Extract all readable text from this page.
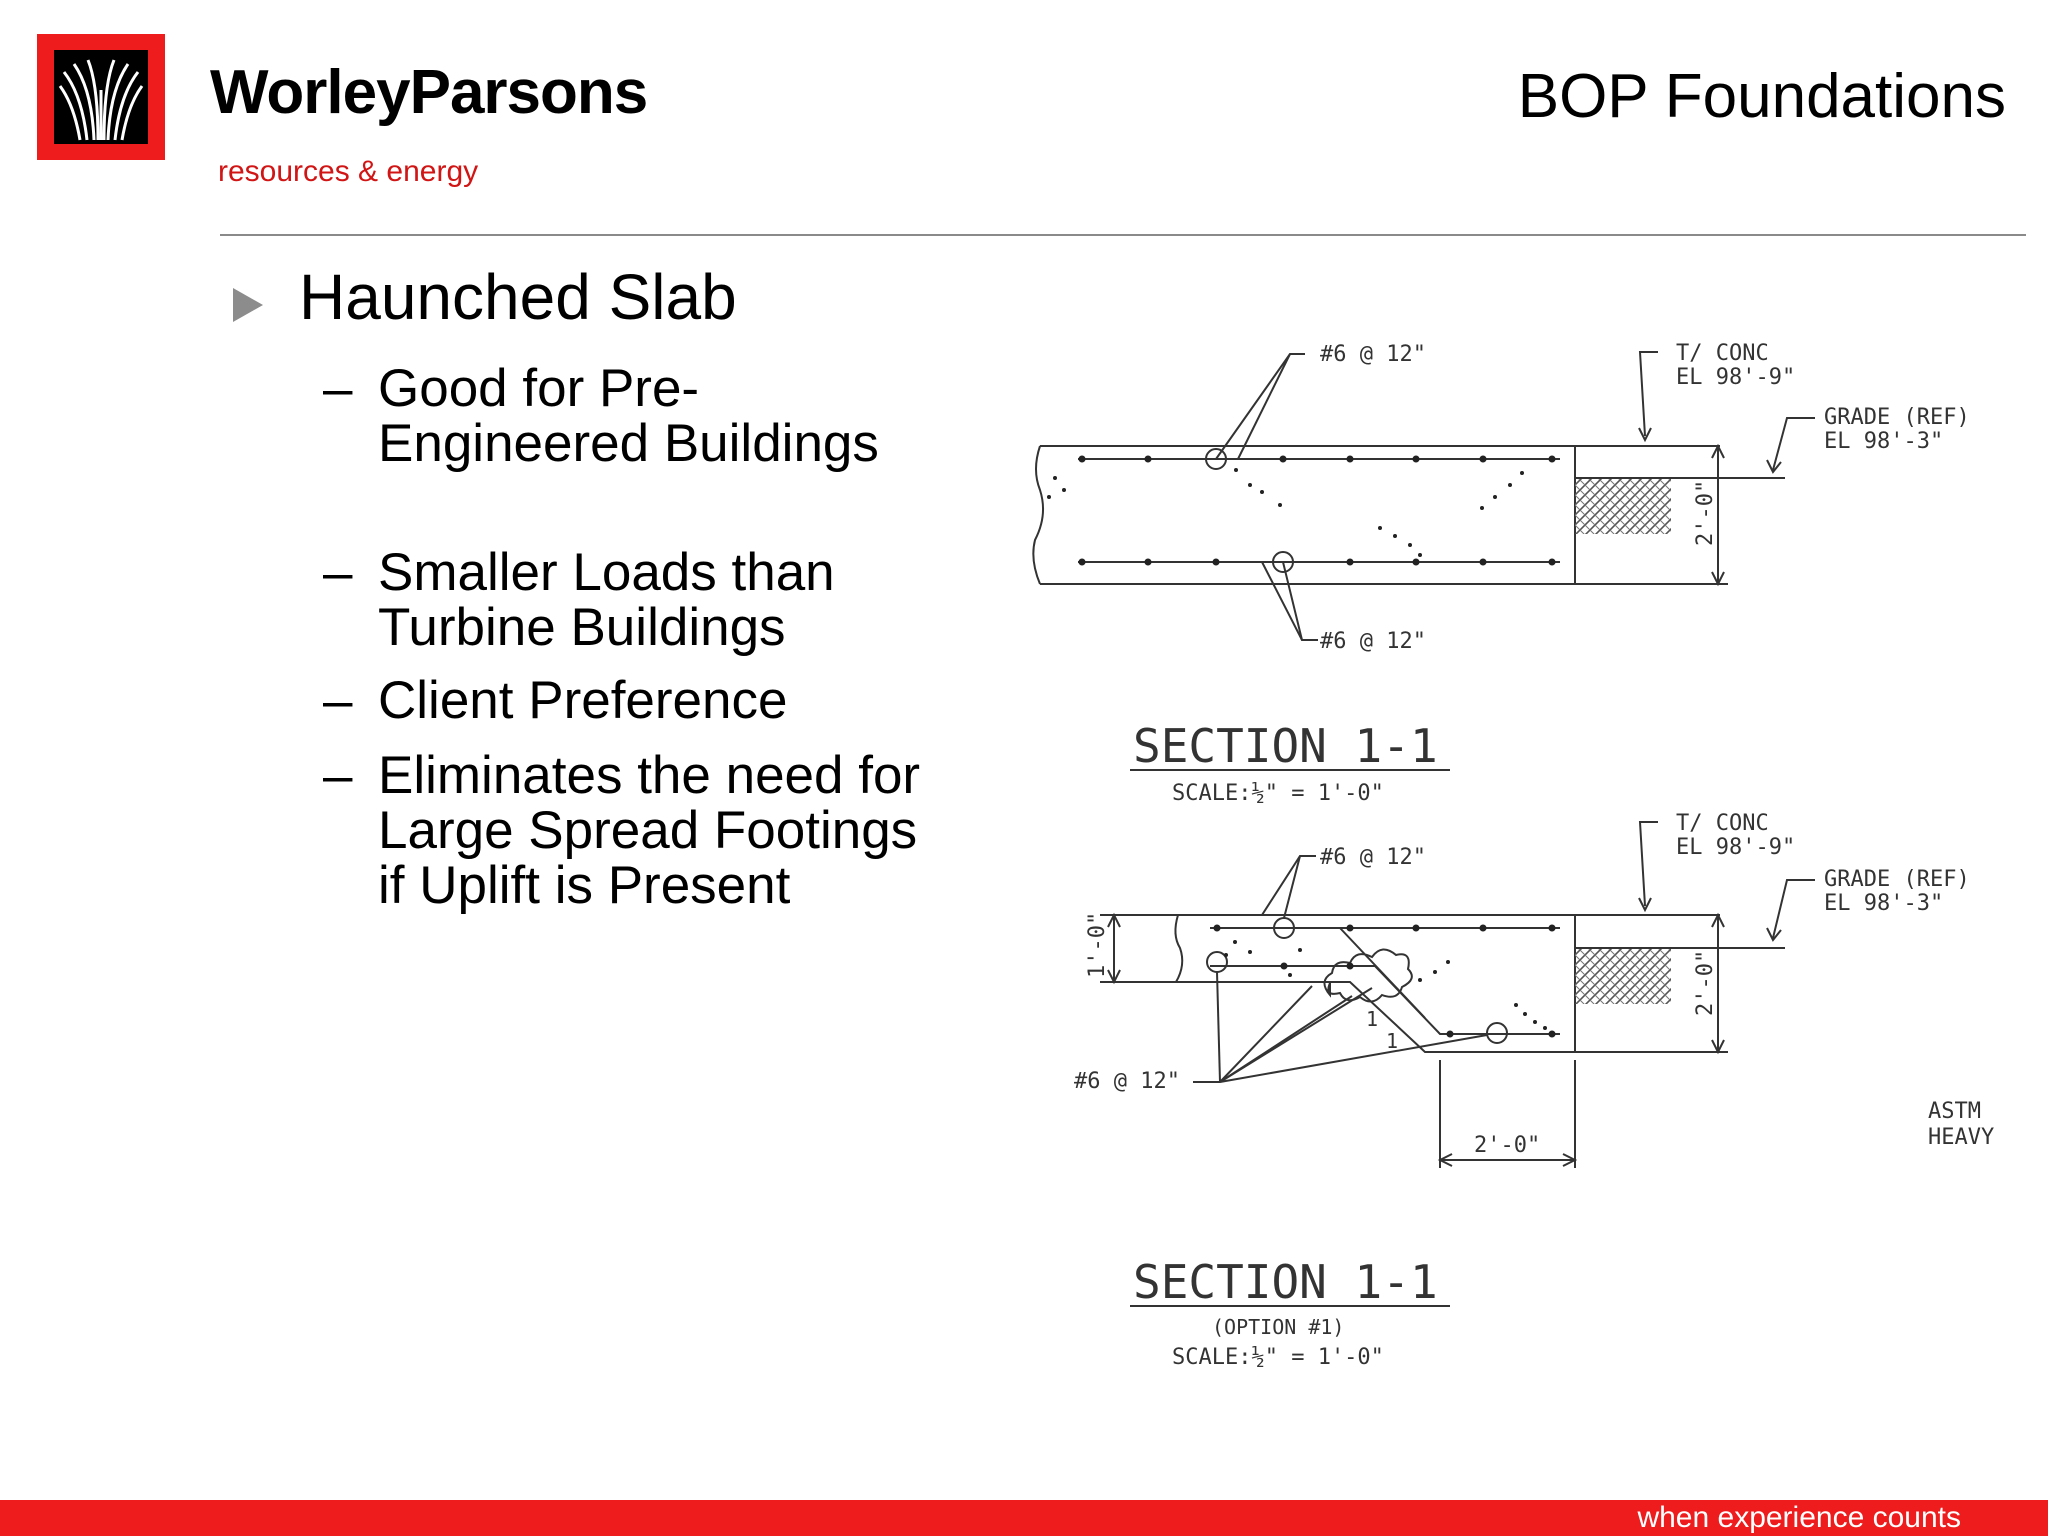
WorleyParsons
resources & energy
BOP Foundations
Haunched Slab
– Good for Pre-Engineered Buildings
– Smaller Loads than Turbine Buildings
– Client Preference
– Eliminates the need for Large Spread Footings if Uplift is Present
#6 @ 12"
#6 @ 12"
T/ CONC
EL 98'-9"
GRADE (REF)
EL 98'-3"
2'-0"
SECTION 1-1
SCALE:½" = 1'-0"
#6 @ 12"
#6 @ 12"
T/ CONC
EL 98'-9"
GRADE (REF)
EL 98'-3"
1'-0"
2'-0"
2'-0"
1
1
ASTM
HEAVY
SECTION 1-1
(OPTION #1)
SCALE:½" = 1'-0"
when experience counts
